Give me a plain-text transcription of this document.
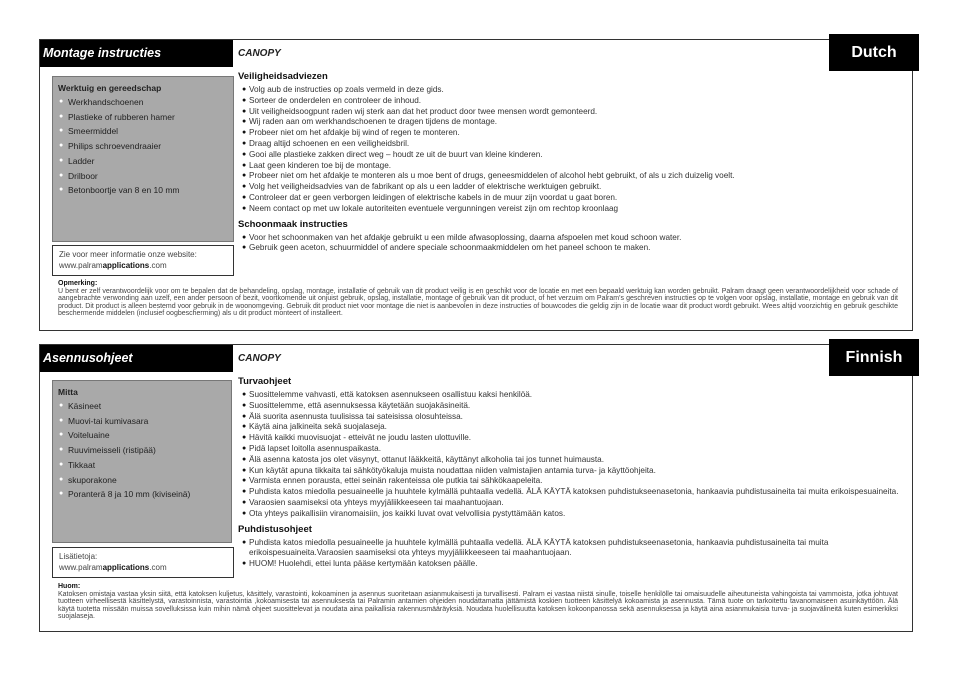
Montage instructies	Dutch
CANOPY
Werktuig en gereedschap
● Werkhandschoenen
● Plastieke of rubberen hamer
● Smeermiddel
● Philips schroevendraaier
● Ladder
● Drilboor
● Betonboortje van 8 en 10 mm
Zie voor meer informatie onze website:
www.palramapplications.com
Veiligheidsadviezen
● Volg aub de instructies op zoals vermeld in deze gids.
● Sorteer de onderdelen en controleer de inhoud.
● Uit veiligheidsoogpunt raden wij sterk aan dat het product door twee mensen wordt gemonteerd.
● Wij raden aan om werkhandschoenen te dragen tijdens de montage.
● Probeer niet om het afdakje bij wind of regen te monteren.
● Draag altijd schoenen en een veiligheidsbril.
● Gooi alle plastieke zakken direct weg – houdt ze uit de buurt van kleine kinderen.
● Laat geen kinderen toe bij de montage.
● Probeer niet om het afdakje te monteren als u moe bent of drugs, geneesmiddelen of alcohol hebt gebruikt, of als u zich duizelig voelt.
● Volg het veiligheidsadvies van de fabrikant op als u een ladder of elektrische werktuigen gebruikt.
● Controleer dat er geen verborgen leidingen of elektrische kabels in de muur zijn voordat u gaat boren.
● Neem contact op met uw lokale autoriteiten eventuele vergunningen vereist zijn om rechtop kroonlaag
Schoonmaak instructies
● Voor het schoonmaken van het afdakje gebruikt u een milde afwasoplossing, daarna afspoelen met koud schoon water.
● Gebruik geen aceton, schuurmiddel of andere speciale schoonmaakmiddelen om het paneel schoon te maken.
Opmerking:
U bent er zelf verantwoordelijk voor om te bepalen dat de behandeling, opslag, montage, installatie of gebruik van dit product veilig is en geschikt voor de locatie en met een bepaald werktuig kan worden gebruikt. Palram draagt geen verantwoordelijkheid voor schade of aangebrachte verwonding aan uzelf, een ander persoon of bezit, voortkomende uit onjuist gebruik, opslag, installatie, montage of gebruik van dit product, of het verzuim om Palram's geschreven instructies op te volgen voor opslag, installatie, montage en gebruik van dit product. Dit product is alleen bestemd voor gebruik in de woonomgeving. Gebruik dit product niet voor montage die niet is aanbevolen in deze instructies of bouwcodes die geldig zijn in de locatie waar dit product wordt gebruikt. Wees altijd voorzichtig en gebruik geschikte beschermende middelen (inclusief oogbescherming) als u dit product monteert of installeert.
Asennusohjeet	Finnish
CANOPY
Mitta
● Käsineet
● Muovi-tai kumivasara
● Voiteluaine
● Ruuvimeisseli (ristipää)
● Tikkaat
● skuporakone
● Poranterä 8 ja 10 mm (kiviseinä)
Lisätietoja:
www.palramapplications.com
Turvaohjeet
● Suosittelemme vahvasti, että katoksen asennukseen osallistuu kaksi henkilöä.
● Suosittelemme, että asennuksessa käytetään suojakäsineitä.
● Älä suorita asennusta tuulisissa tai sateisissa olosuhteissa.
● Käytä aina jalkineita sekä suojalaseja.
● Hävitä kaikki muovisuojat - etteivät ne joudu lasten ulottuville.
● Pidä lapset loitolla asennuspaikasta.
● Älä asenna katosta jos olet väsynyt, ottanut lääkkeitä, käyttänyt alkoholia tai jos tunnet huimausta.
● Kun käytät apuna tikkaita tai sähkötyökaluja muista noudattaa niiden valmistajien antamia turva- ja käyttöohjeita.
● Varmista ennen porausta, ettei seinän rakenteissa ole putkia tai sähkökaapeleita.
● Puhdista katos miedolla pesuaineelle ja huuhtele kylmällä puhtaalla vedellä. ÄLÄ KÄYTÄ katoksen puhdistukseenasetonia, hankaavia puhdistusaineita tai muita erikoispesuaineita.
● Varaosien saamiseksi ota yhteys myyjäliikkeeseen tai maahantuojaan.
● Ota yhteys paikallisiin viranomaisiin, jos kaikki luvat ovat velvollisia pystyttämään katos.
Puhdistusohjeet
● Puhdista katos miedolla pesuaineelle ja huuhtele kylmällä puhtaalla vedellä. ÄLÄ KÄYTÄ katoksen puhdistukseenasetonia, hankaavia puhdistusaineita tai muita erikoispesuaineita.Varaosien saamiseksi ota yhteys myyjäliikkeeseen tai maahantuojaan.
● HUOM! Huolehdi, ettei lunta pääse kertymään katoksen päälle.
Huom:
Katoksen omistaja vastaa yksin siitä, että katoksen kuljetus, käsittely, varastointi, kokoaminen ja asennus suoritetaan asianmukaisesti ja turvallisesti. Palram ei vastaa niistä sinulle, toiselle henkilölle tai omaisuudelle aiheutuneista vahingoista tai vammoista, jotka johtuvat tuotteen virheellisestä käsittelystä, varastoinnista, varastointia ,kokoamisesta tai asennuksesta tai Palramin antamien ohjeiden noudattamatta jättämistä koskien tuotteen käsittelyä kokoamista ja asennusta. Tämä tuote on tarkoitettu tavanomaiseen asuinkäyttöön. Älä käytä tuotetta missään muissa sovelluksissa kuin mihin nämä ohjeet suosittelevat ja noudata aina paikallisia rakennusmääräyksiä. Noudata huolellisuutta katoksen kokoonpanossa sekä asennuksessa ja käytä aina asianmukaisia turva- ja suojavälineitä kuten esimerkiksi suojalaseja.
